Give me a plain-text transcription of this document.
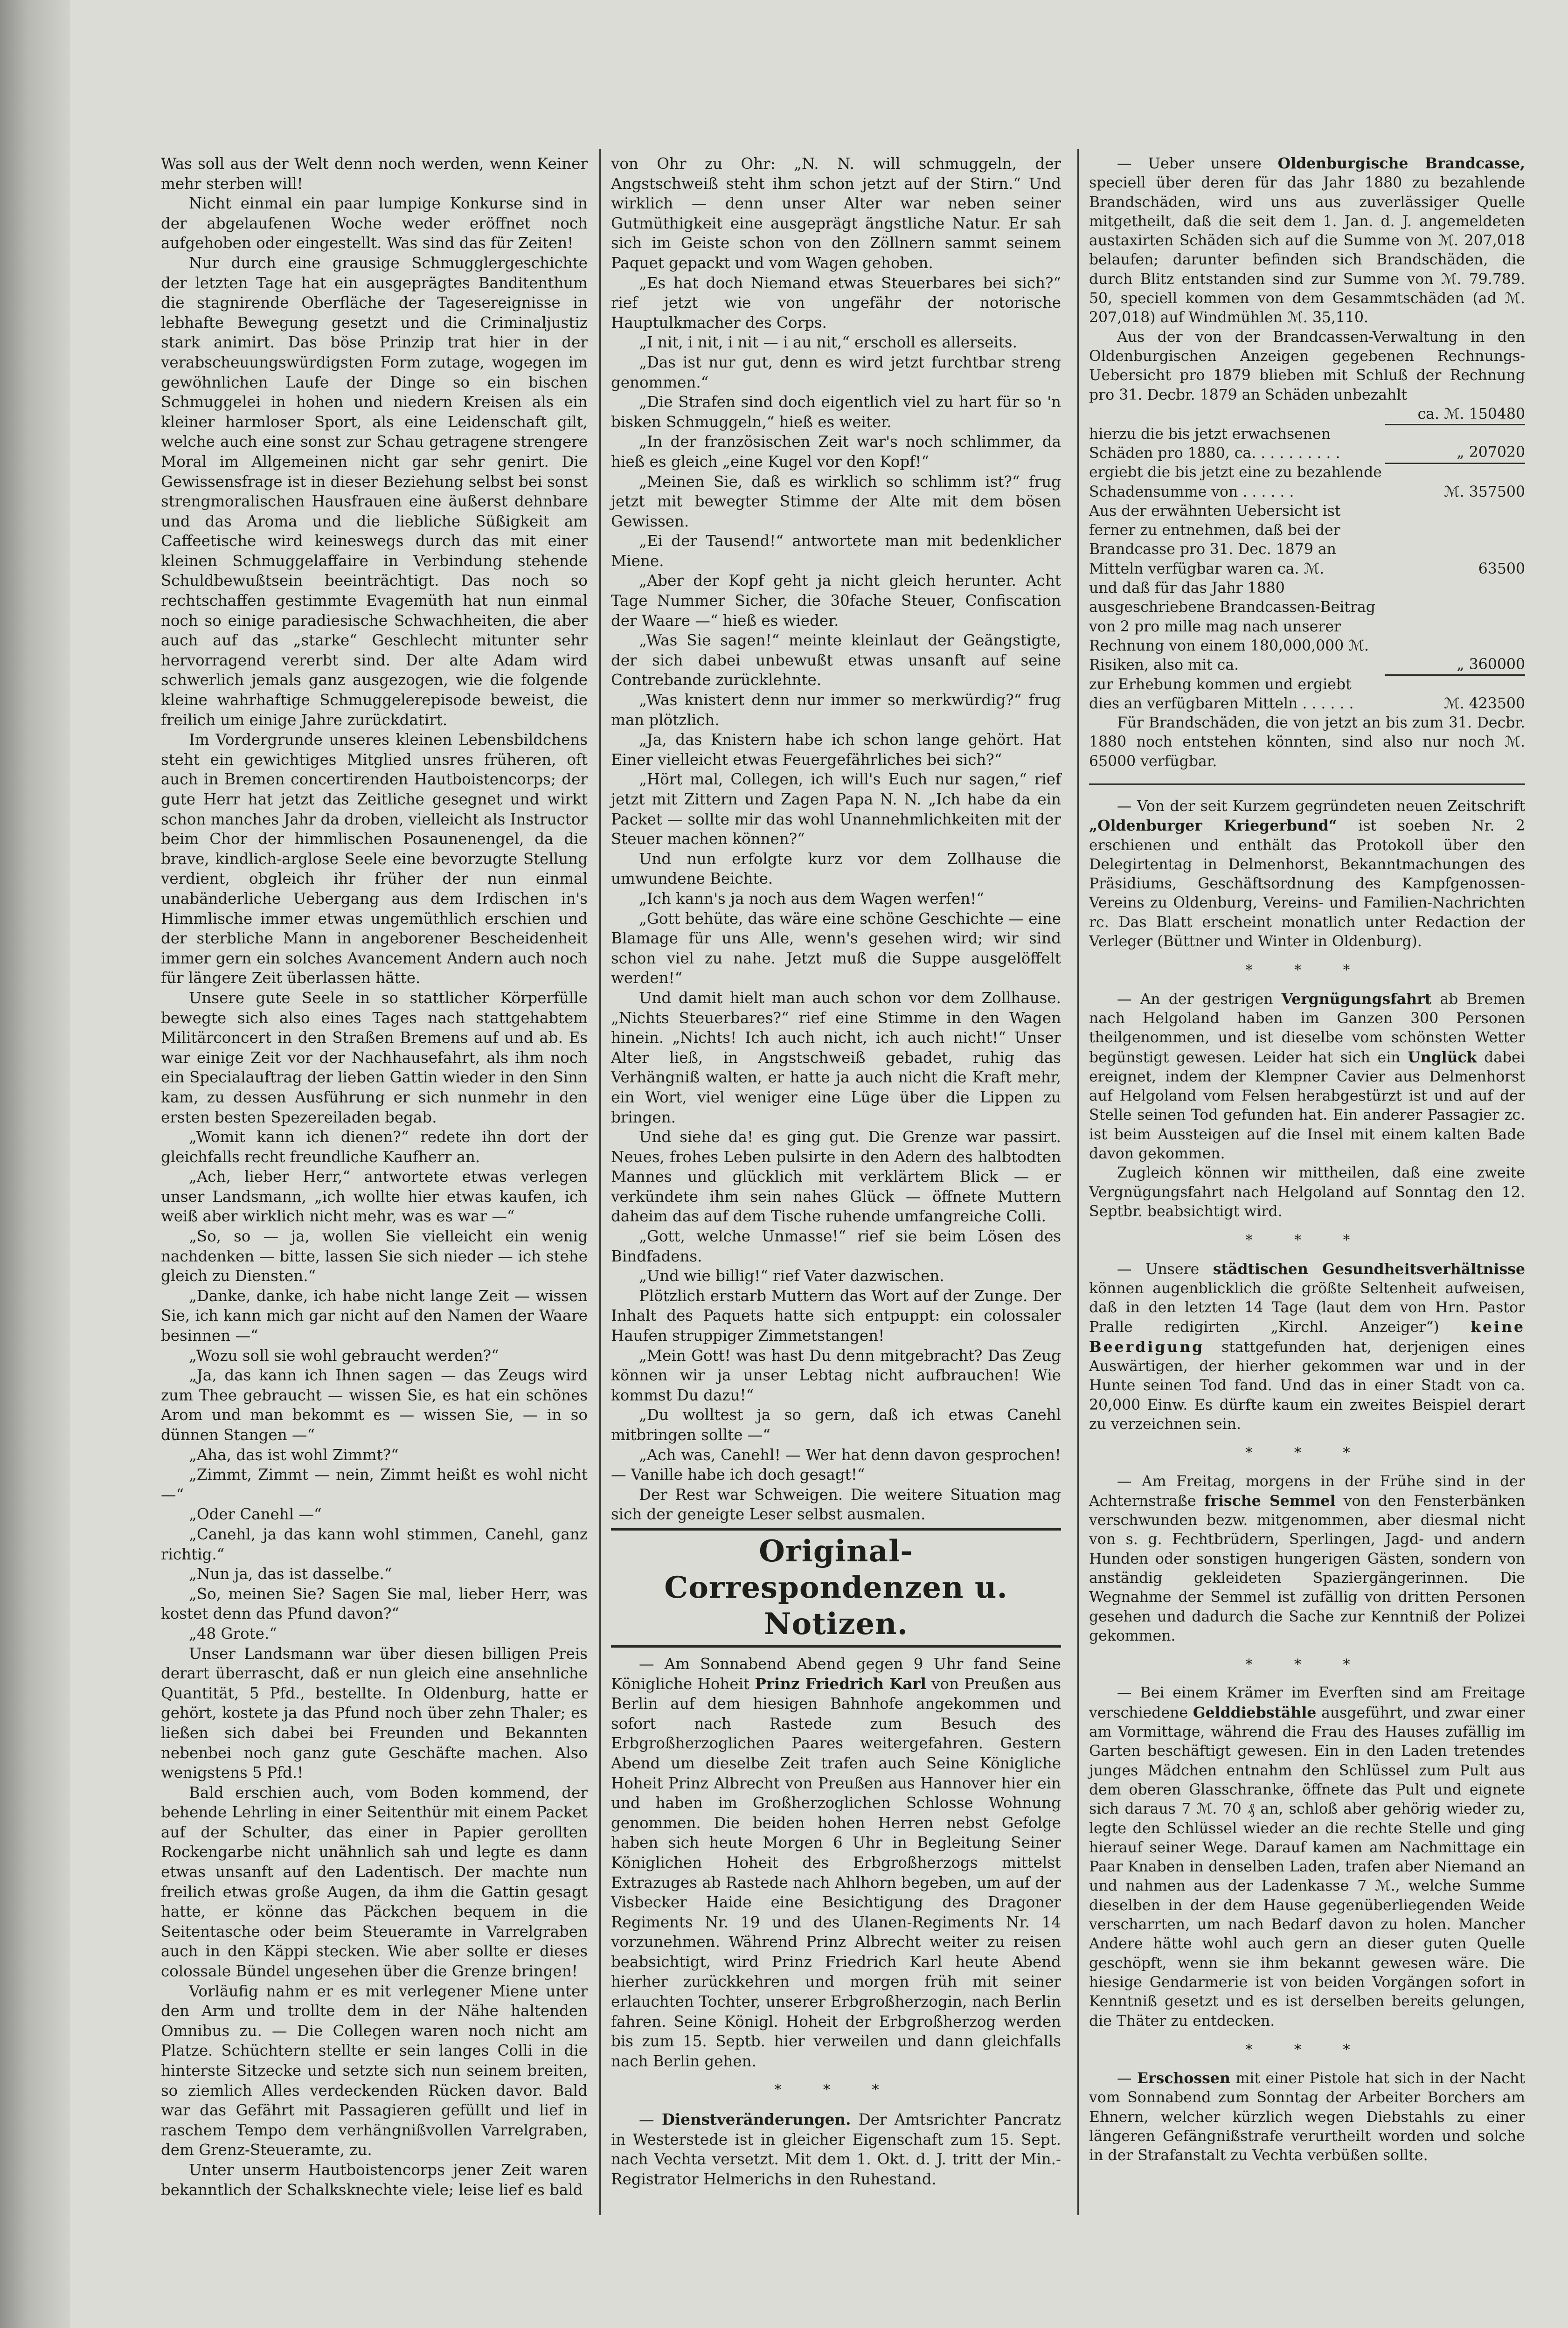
Was soll aus der Welt denn noch werden, wenn Keiner mehr sterben will!

Nicht einmal ein paar lumpige Konkurse sind in der abgelaufenen Woche weder eröffnet noch aufgehoben oder eingestellt. Was sind das für Zeiten!

Nur durch eine grausige Schmugglergeschichte der letzten Tage hat ein ausgeprägtes Banditenthum die stagnirende Oberfläche der Tagesereignisse in lebhafte Bewegung gesetzt und die Criminaljustiz stark animirt. Das böse Prinzip trat hier in der verabscheuungswürdigsten Form zutage, wogegen im gewöhnlichen Laufe der Dinge so ein bischen Schmuggelei in hohen und niedern Kreisen als ein kleiner harmloser Sport, als eine Leidenschaft gilt, welche auch eine sonst zur Schau getragene strengere Moral im Allgemeinen nicht gar sehr genirt. Die Gewissensfrage ist in dieser Beziehung selbst bei sonst strengmoralischen Hausfrauen eine äußerst dehnbare und das Aroma und die liebliche Süßigkeit am Caffeetische wird keineswegs durch das mit einer kleinen Schmuggelaffaire in Verbindung stehende Schuldbewußtsein beeinträchtigt. Das noch so rechtschaffen gestimmte Evagemüth hat nun einmal noch so einige paradiesische Schwachheiten, die aber auch auf das „starke“ Geschlecht mitunter sehr hervorragend vererbt sind. Der alte Adam wird schwerlich jemals ganz ausgezogen, wie die folgende kleine wahrhaftige Schmuggelerepisode beweist, die freilich um einige Jahre zurückdatirt.

Im Vordergrunde unseres kleinen Lebensbildchens steht ein gewichtiges Mitglied unsres früheren, oft auch in Bremen concertirenden Hautboistencorps; der gute Herr hat jetzt das Zeitliche gesegnet und wirkt schon manches Jahr da droben, vielleicht als Instructor beim Chor der himmlischen Posaunenengel, da die brave, kindlich-arglose Seele eine bevorzugte Stellung verdient, obgleich ihr früher der nun einmal unabänderliche Uebergang aus dem Irdischen in's Himmlische immer etwas ungemüthlich erschien und der sterbliche Mann in angeborener Bescheidenheit immer gern ein solches Avancement Andern auch noch für längere Zeit überlassen hätte.

Unsere gute Seele in so stattlicher Körperfülle bewegte sich also eines Tages nach stattgehabtem Militärconcert in den Straßen Bremens auf und ab. Es war einige Zeit vor der Nachhausefahrt, als ihm noch ein Specialauftrag der lieben Gattin wieder in den Sinn kam, zu dessen Ausführung er sich nunmehr in den ersten besten Spezereiladen begab.

„Womit kann ich dienen?“ redete ihn dort der gleichfalls recht freundliche Kaufherr an.

„Ach, lieber Herr,“ antwortete etwas verlegen unser Landsmann, „ich wollte hier etwas kaufen, ich weiß aber wirklich nicht mehr, was es war —“

„So, so — ja, wollen Sie vielleicht ein wenig nachdenken — bitte, lassen Sie sich nieder — ich stehe gleich zu Diensten.“

„Danke, danke, ich habe nicht lange Zeit — wissen Sie, ich kann mich gar nicht auf den Namen der Waare besinnen —“

„Wozu soll sie wohl gebraucht werden?“

„Ja, das kann ich Ihnen sagen — das Zeugs wird zum Thee gebraucht — wissen Sie, es hat ein schönes Arom und man bekommt es — wissen Sie, — in so dünnen Stangen —“

„Aha, das ist wohl Zimmt?“

„Zimmt, Zimmt — nein, Zimmt heißt es wohl nicht —“

„Oder Canehl —“

„Canehl, ja das kann wohl stimmen, Canehl, ganz richtig.“

„Nun ja, das ist dasselbe.“

„So, meinen Sie? Sagen Sie mal, lieber Herr, was kostet denn das Pfund davon?“

„48 Grote.“

Unser Landsmann war über diesen billigen Preis derart überrascht, daß er nun gleich eine ansehnliche Quantität, 5 Pfd., bestellte. In Oldenburg, hatte er gehört, kostete ja das Pfund noch über zehn Thaler; es ließen sich dabei bei Freunden und Bekannten nebenbei noch ganz gute Geschäfte machen. Also wenigstens 5 Pfd.!

Bald erschien auch, vom Boden kommend, der behende Lehrling in einer Seitenthür mit einem Packet auf der Schulter, das einer in Papier gerollten Rockengarbe nicht unähnlich sah und legte es dann etwas unsanft auf den Ladentisch. Der machte nun freilich etwas große Augen, da ihm die Gattin gesagt hatte, er könne das Päckchen bequem in die Seitentasche oder beim Steueramte in Varrelgraben auch in den Käppi stecken. Wie aber sollte er dieses colossale Bündel ungesehen über die Grenze bringen!

Vorläufig nahm er es mit verlegener Miene unter den Arm und trollte dem in der Nähe haltenden Omnibus zu. — Die Collegen waren noch nicht am Platze. Schüchtern stellte er sein langes Colli in die hinterste Sitzecke und setzte sich nun seinem breiten, so ziemlich Alles verdeckenden Rücken davor. Bald war das Gefährt mit Passagieren gefüllt und lief in raschem Tempo dem verhängnißvollen Varrelgraben, dem Grenz-Steueramte, zu.

Unter unserm Hautboistencorps jener Zeit waren bekanntlich der Schalksknechte viele; leise lief es bald

von Ohr zu Ohr: „N. N. will schmuggeln, der Angstschweiß steht ihm schon jetzt auf der Stirn.“ Und wirklich — denn unser Alter war neben seiner Gutmüthigkeit eine ausgeprägt ängstliche Natur. Er sah sich im Geiste schon von den Zöllnern sammt seinem Paquet gepackt und vom Wagen gehoben.

„Es hat doch Niemand etwas Steuerbares bei sich?“ rief jetzt wie von ungefähr der notorische Hauptulkmacher des Corps.

„I nit, i nit, i nit — i au nit,“ erscholl es allerseits.

„Das ist nur gut, denn es wird jetzt furchtbar streng genommen.“

„Die Strafen sind doch eigentlich viel zu hart für so 'n bisken Schmuggeln,“ hieß es weiter.

„In der französischen Zeit war's noch schlimmer, da hieß es gleich „eine Kugel vor den Kopf!“

„Meinen Sie, daß es wirklich so schlimm ist?“ frug jetzt mit bewegter Stimme der Alte mit dem bösen Gewissen.

„Ei der Tausend!“ antwortete man mit bedenklicher Miene.

„Aber der Kopf geht ja nicht gleich herunter. Acht Tage Nummer Sicher, die 30fache Steuer, Confiscation der Waare —“ hieß es wieder.

„Was Sie sagen!“ meinte kleinlaut der Geängstigte, der sich dabei unbewußt etwas unsanft auf seine Contrebande zurücklehnte.

„Was knistert denn nur immer so merkwürdig?“ frug man plötzlich.

„Ja, das Knistern habe ich schon lange gehört. Hat Einer vielleicht etwas Feuergefährliches bei sich?“

„Hört mal, Collegen, ich will's Euch nur sagen,“ rief jetzt mit Zittern und Zagen Papa N. N. „Ich habe da ein Packet — sollte mir das wohl Unannehmlichkeiten mit der Steuer machen können?“

Und nun erfolgte kurz vor dem Zollhause die umwundene Beichte.

„Ich kann's ja noch aus dem Wagen werfen!“

„Gott behüte, das wäre eine schöne Geschichte — eine Blamage für uns Alle, wenn's gesehen wird; wir sind schon viel zu nahe. Jetzt muß die Suppe ausgelöffelt werden!“

Und damit hielt man auch schon vor dem Zollhause. „Nichts Steuerbares?“ rief eine Stimme in den Wagen hinein. „Nichts! Ich auch nicht, ich auch nicht!“ Unser Alter ließ, in Angstschweiß gebadet, ruhig das Verhängniß walten, er hatte ja auch nicht die Kraft mehr, ein Wort, viel weniger eine Lüge über die Lippen zu bringen.

Und siehe da! es ging gut. Die Grenze war passirt. Neues, frohes Leben pulsirte in den Adern des halbtodten Mannes und glücklich mit verklärtem Blick — er verkündete ihm sein nahes Glück — öffnete Muttern daheim das auf dem Tische ruhende umfangreiche Colli.

„Gott, welche Unmasse!“ rief sie beim Lösen des Bindfadens.

„Und wie billig!“ rief Vater dazwischen.

Plötzlich erstarb Muttern das Wort auf der Zunge. Der Inhalt des Paquets hatte sich entpuppt: ein colossaler Haufen struppiger Zimmetstangen!

„Mein Gott! was hast Du denn mitgebracht? Das Zeug können wir ja unser Lebtag nicht aufbrauchen! Wie kommst Du dazu!“

„Du wolltest ja so gern, daß ich etwas Canehl mitbringen sollte —“

„Ach was, Canehl! — Wer hat denn davon gesprochen! — Vanille habe ich doch gesagt!“

Der Rest war Schweigen. Die weitere Situation mag sich der geneigte Leser selbst ausmalen.

Original-Correspondenzen u. Notizen.

— Am Sonnabend Abend gegen 9 Uhr fand Seine Königliche Hoheit Prinz Friedrich Karl von Preußen aus Berlin auf dem hiesigen Bahnhofe angekommen und sofort nach Rastede zum Besuch des Erbgroßherzoglichen Paares weitergefahren. Gestern Abend um dieselbe Zeit trafen auch Seine Königliche Hoheit Prinz Albrecht von Preußen aus Hannover hier ein und haben im Großherzoglichen Schlosse Wohnung genommen. Die beiden hohen Herren nebst Gefolge haben sich heute Morgen 6 Uhr in Begleitung Seiner Königlichen Hoheit des Erbgroßherzogs mittelst Extrazuges ab Rastede nach Ahlhorn begeben, um auf der Visbecker Haide eine Besichtigung des Dragoner Regiments Nr. 19 und des Ulanen-Regiments Nr. 14 vorzunehmen. Während Prinz Albrecht weiter zu reisen beabsichtigt, wird Prinz Friedrich Karl heute Abend hierher zurückkehren und morgen früh mit seiner erlauchten Tochter, unserer Erbgroßherzogin, nach Berlin fahren. Seine Königl. Hoheit der Erbgroßherzog werden bis zum 15. Septb. hier verweilen und dann gleichfalls nach Berlin gehen.

* * *

— Dienstveränderungen. Der Amtsrichter Pancratz in Westerstede ist in gleicher Eigenschaft zum 15. Sept. nach Vechta versetzt. Mit dem 1. Okt. d. J. tritt der Min.-Registrator Helmerichs in den Ruhestand.

— Ueber unsere Oldenburgische Brandcasse, speciell über deren für das Jahr 1880 zu bezahlende Brandschäden, wird uns aus zuverlässiger Quelle mitgetheilt, daß die seit dem 1. Jan. d. J. angemeldeten austaxirten Schäden sich auf die Summe von ℳ. 207,018 belaufen; darunter befinden sich Brandschäden, die durch Blitz entstanden sind zur Summe von ℳ. 79.789. 50, speciell kommen von dem Gesammtschäden (ad ℳ. 207,018) auf Windmühlen ℳ. 35,110.

Aus der von der Brandcassen-Verwaltung in den Oldenburgischen Anzeigen gegebenen Rechnungs-Uebersicht pro 1879 blieben mit Schluß der Rechnung pro 31. Decbr. 1879 an Schäden unbezahlt

	ca. ℳ. 150480
hierzu die bis jetzt erwachsenen Schäden pro 1880, ca. . . . . . . . . .	„ 207020
ergiebt die bis jetzt eine zu bezahlende Schadensumme von . . . . . .	ℳ. 357500
Aus der erwähnten Uebersicht ist ferner zu entnehmen, daß bei der Brandcasse pro 31. Dec. 1879 an Mitteln verfügbar waren ca. ℳ.	63500
und daß für das Jahr 1880 ausgeschriebene Brandcassen-Beitrag von 2 pro mille mag nach unserer Rechnung von einem 180,000,000 ℳ. Risiken, also mit ca.	„ 360000
zur Erhebung kommen und ergiebt dies an verfügbaren Mitteln . . . . . .	ℳ. 423500

Für Brandschäden, die von jetzt an bis zum 31. Decbr. 1880 noch entstehen könnten, sind also nur noch ℳ. 65000 verfügbar.

— Von der seit Kurzem gegründeten neuen Zeitschrift „Oldenburger Kriegerbund“ ist soeben Nr. 2 erschienen und enthält das Protokoll über den Delegirtentag in Delmenhorst, Bekanntmachungen des Präsidiums, Geschäftsordnung des Kampfgenossen-Vereins zu Oldenburg, Vereins- und Familien-Nachrichten rc. Das Blatt erscheint monatlich unter Redaction der Verleger (Büttner und Winter in Oldenburg).

* * *

— An der gestrigen Vergnügungsfahrt ab Bremen nach Helgoland haben im Ganzen 300 Personen theilgenommen, und ist dieselbe vom schönsten Wetter begünstigt gewesen. Leider hat sich ein Unglück dabei ereignet, indem der Klempner Cavier aus Delmenhorst auf Helgoland vom Felsen herabgestürzt ist und auf der Stelle seinen Tod gefunden hat. Ein anderer Passagier zc. ist beim Aussteigen auf die Insel mit einem kalten Bade davon gekommen.

Zugleich können wir mittheilen, daß eine zweite Vergnügungsfahrt nach Helgoland auf Sonntag den 12. Septbr. beabsichtigt wird.

* * *

— Unsere städtischen Gesundheitsverhältnisse können augenblicklich die größte Seltenheit aufweisen, daß in den letzten 14 Tage (laut dem von Hrn. Pastor Pralle redigirten „Kirchl. Anzeiger“) keine Beerdigung stattgefunden hat, derjenigen eines Auswärtigen, der hierher gekommen war und in der Hunte seinen Tod fand. Und das in einer Stadt von ca. 20,000 Einw. Es dürfte kaum ein zweites Beispiel derart zu verzeichnen sein.

* * *

— Am Freitag, morgens in der Frühe sind in der Achternstraße frische Semmel von den Fensterbänken verschwunden bezw. mitgenommen, aber diesmal nicht von s. g. Fechtbrüdern, Sperlingen, Jagd- und andern Hunden oder sonstigen hungerigen Gästen, sondern von anständig gekleideten Spaziergängerinnen. Die Wegnahme der Semmel ist zufällig von dritten Personen gesehen und dadurch die Sache zur Kenntniß der Polizei gekommen.

* * *

— Bei einem Krämer im Everften sind am Freitage verschiedene Gelddiebstähle ausgeführt, und zwar einer am Vormittage, während die Frau des Hauses zufällig im Garten beschäftigt gewesen. Ein in den Laden tretendes junges Mädchen entnahm den Schlüssel zum Pult aus dem oberen Glasschranke, öffnete das Pult und eignete sich daraus 7 ℳ. 70 ₰ an, schloß aber gehörig wieder zu, legte den Schlüssel wieder an die rechte Stelle und ging hierauf seiner Wege. Darauf kamen am Nachmittage ein Paar Knaben in denselben Laden, trafen aber Niemand an und nahmen aus der Ladenkasse 7 ℳ., welche Summe dieselben in der dem Hause gegenüberliegenden Weide verscharrten, um nach Bedarf davon zu holen. Mancher Andere hätte wohl auch gern an dieser guten Quelle geschöpft, wenn sie ihm bekannt gewesen wäre. Die hiesige Gendarmerie ist von beiden Vorgängen sofort in Kenntniß gesetzt und es ist derselben bereits gelungen, die Thäter zu entdecken.

* * *

— Erschossen mit einer Pistole hat sich in der Nacht vom Sonnabend zum Sonntag der Arbeiter Borchers am Ehnern, welcher kürzlich wegen Diebstahls zu einer längeren Gefängnißstrafe verurtheilt worden und solche in der Strafanstalt zu Vechta verbüßen sollte.
